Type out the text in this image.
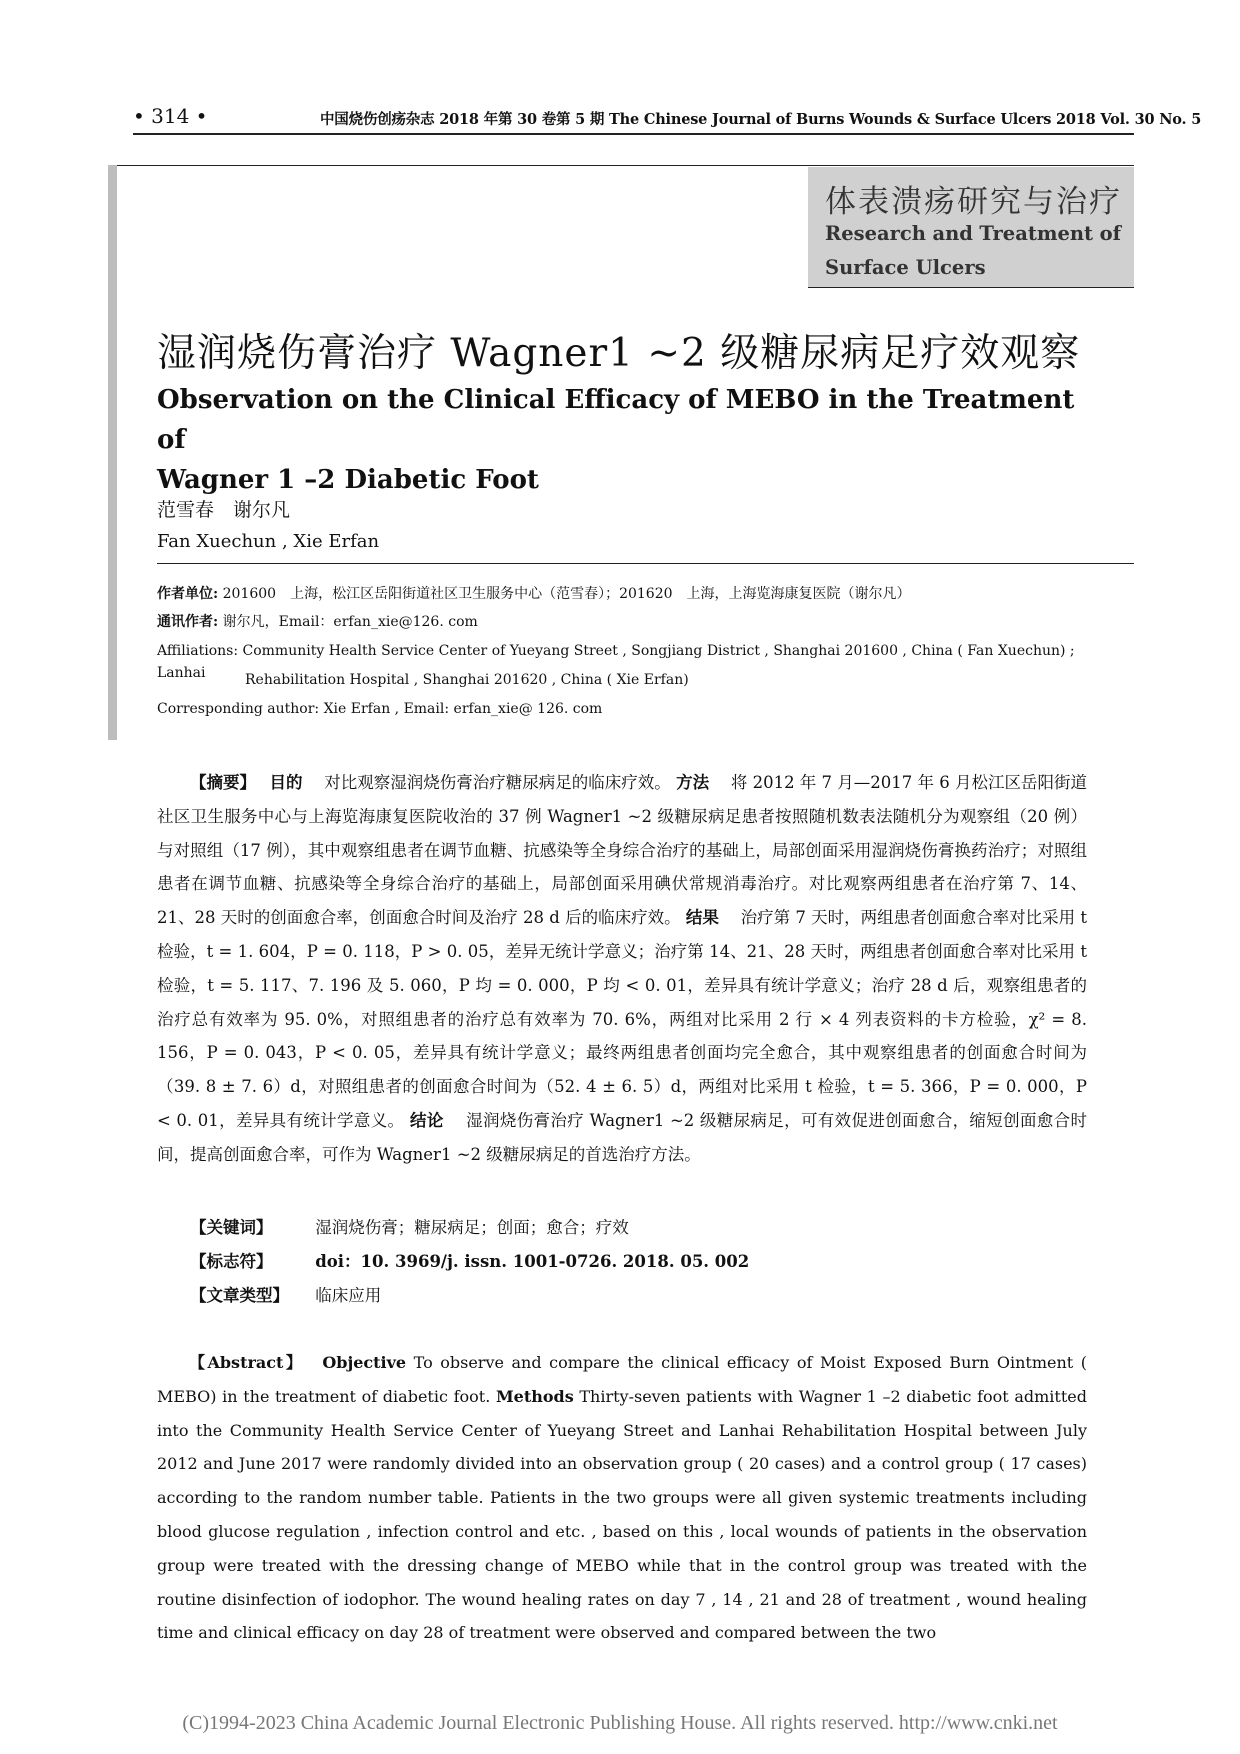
• 314 •	中国烧伤创疡杂志 2018 年第 30 卷第 5 期 The Chinese Journal of Burns Wounds & Surface Ulcers 2018 Vol. 30 No. 5
体表溃疡研究与治疗
Research and Treatment of
Surface Ulcers
湿润烧伤膏治疗 Wagner1 ~2 级糖尿病足疗效观察
Observation on the Clinical Efficacy of MEBO in the Treatment of
Wagner 1 –2 Diabetic Foot
范雪春　谢尔凡
Fan Xuechun , Xie Erfan
作者单位: 201600　上海，松江区岳阳街道社区卫生服务中心（范雪春）；201620　上海，上海览海康复医院（谢尔凡）
通讯作者: 谢尔凡，Email：erfan_xie@126. com
Affiliations: Community Health Service Center of Yueyang Street , Songjiang District , Shanghai 201600 , China ( Fan Xuechun) ; Lanhai	Rehabilitation Hospital , Shanghai 201620 , China ( Xie Erfan)
Corresponding author: Xie Erfan , Email: erfan_xie@ 126. com
【摘要】　 目的　 对比观察湿润烧伤膏治疗糖尿病足的临床疗效。 方法　 将 2012 年 7 月—2017 年 6 月松江区岳阳街道社区卫生服务中心与上海览海康复医院收治的 37 例 Wagner1 ~2 级糖尿病足患者按照随机数表法随机分为观察组（20 例）与对照组（17 例），其中观察组患者在调节血糖、抗感染等全身综合治疗的基础上，局部创面采用湿润烧伤膏换药治疗；对照组患者在调节血糖、抗感染等全身综合治疗的基础上，局部创面采用碘伏常规消毒治疗。对比观察两组患者在治疗第 7、14、21、28 天时的创面愈合率，创面愈合时间及治疗 28 d 后的临床疗效。 结果　 治疗第 7 天时，两组患者创面愈合率对比采用 t 检验，t = 1. 604，P = 0. 118，P > 0. 05，差异无统计学意义；治疗第 14、21、28 天时，两组患者创面愈合率对比采用 t 检验，t = 5. 117、7. 196 及 5. 060，P 均 = 0. 000，P 均 < 0. 01，差异具有统计学意义；治疗 28 d 后，观察组患者的治疗总有效率为 95. 0%，对照组患者的治疗总有效率为 70. 6%，两组对比采用 2 行 × 4 列表资料的卡方检验，χ² = 8. 156，P = 0. 043，P < 0. 05，差异具有统计学意义；最终两组患者创面均完全愈合，其中观察组患者的创面愈合时间为（39. 8 ± 7. 6）d，对照组患者的创面愈合时间为（52. 4 ± 6. 5）d，两组对比采用 t 检验，t = 5. 366，P = 0. 000，P < 0. 01，差异具有统计学意义。 结论　 湿润烧伤膏治疗 Wagner1 ~2 级糖尿病足，可有效促进创面愈合，缩短创面愈合时间，提高创面愈合率，可作为 Wagner1 ~2 级糖尿病足的首选治疗方法。
【关键词】	湿润烧伤膏；糖尿病足；创面；愈合；疗效
【标志符】	doi：10. 3969/j. issn. 1001-0726. 2018. 05. 002
【文章类型】 临床应用
【Abstract】　 Objective To observe and compare the clinical efficacy of Moist Exposed Burn Ointment ( MEBO) in the treatment of diabetic foot. Methods Thirty-seven patients with Wagner 1 –2 diabetic foot admitted into the Community Health Service Center of Yueyang Street and Lanhai Rehabilitation Hospital between July 2012 and June 2017 were randomly divided into an observation group ( 20 cases) and a control group ( 17 cases) according to the random number table. Patients in the two groups were all given systemic treatments including blood glucose regulation , infection control and etc. , based on this , local wounds of patients in the observation group were treated with the dressing change of MEBO while that in the control group was treated with the routine disinfection of iodophor. The wound healing rates on day 7 , 14 , 21 and 28 of treatment , wound healing time and clinical efficacy on day 28 of treatment were observed and compared between the two
(C)1994-2023 China Academic Journal Electronic Publishing House. All rights reserved. http://www.cnki.net
